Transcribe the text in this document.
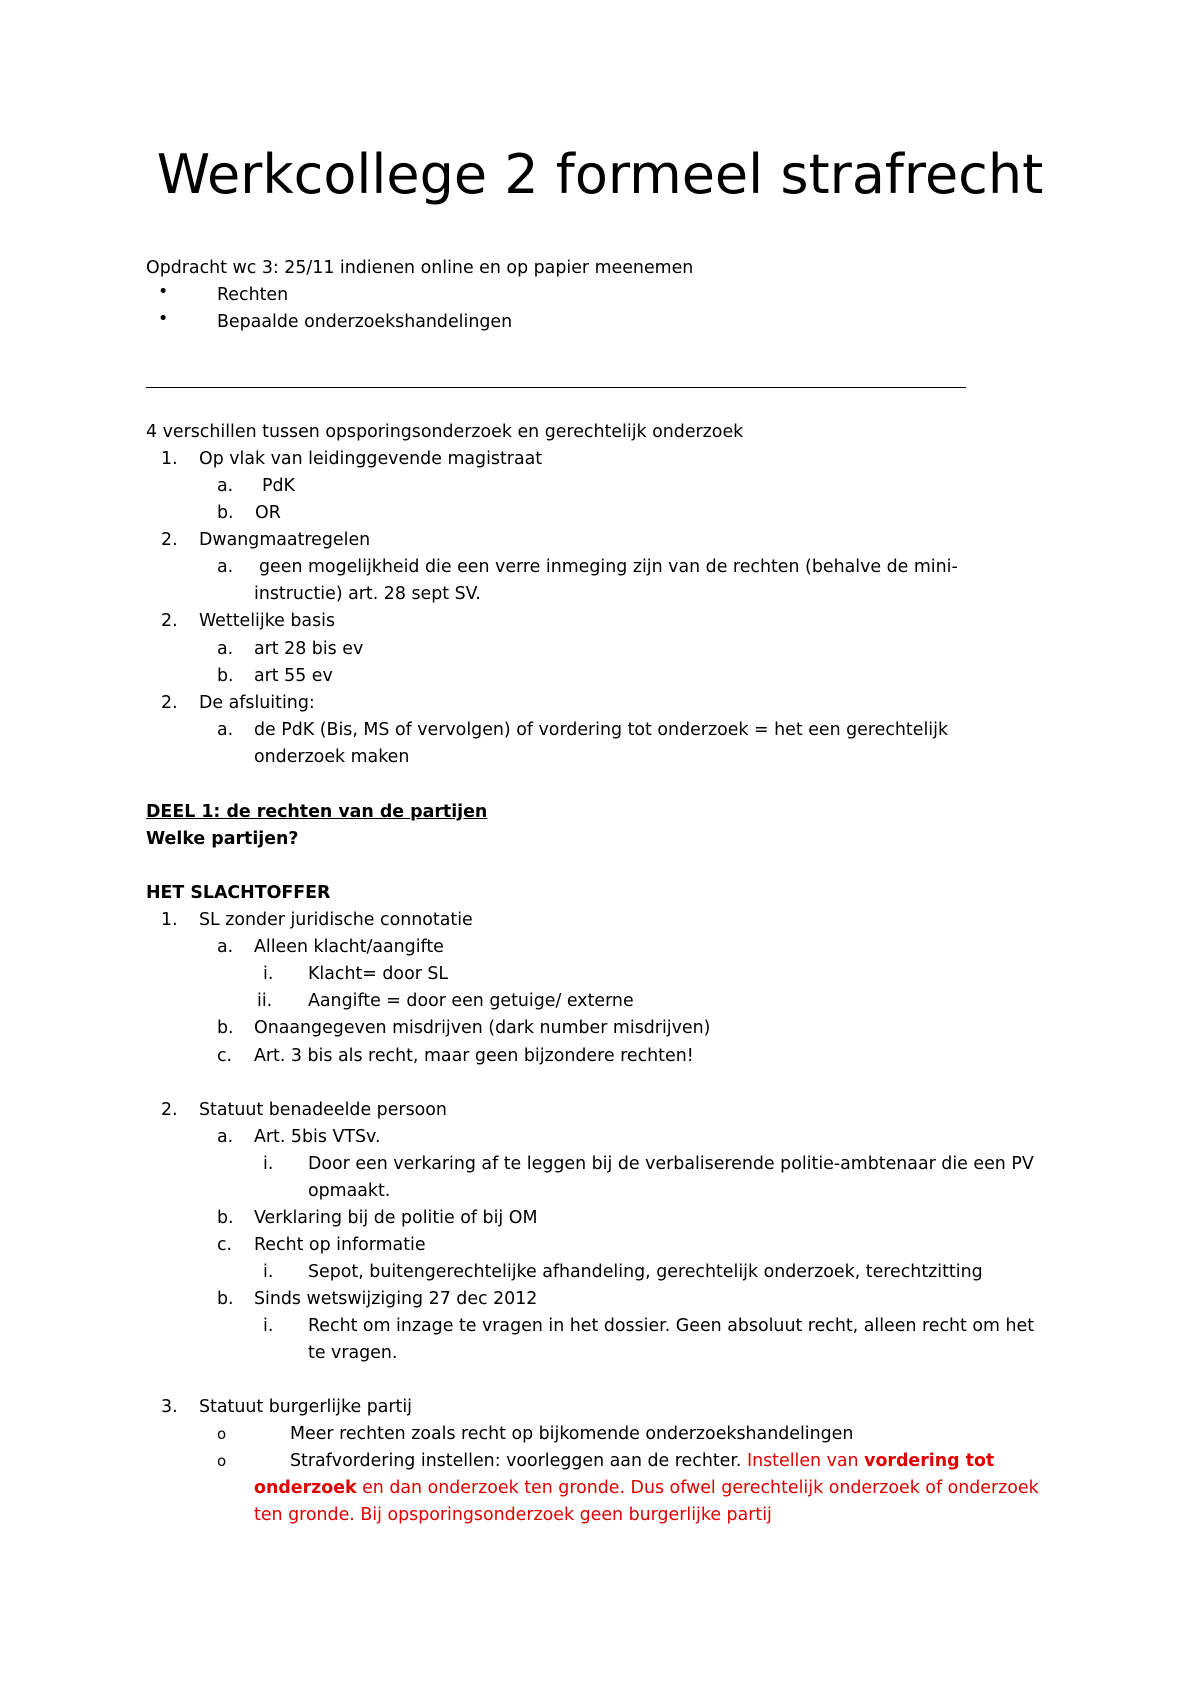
Werkcollege 2 formeel strafrecht
Opdracht wc 3: 25/11 indienen online en op papier meenemen
•	Rechten
•	Bepaalde onderzoekshandelingen
4 verschillen tussen opsporingsonderzoek en gerechtelijk onderzoek
1. Op vlak van leidinggevende magistraat
a. PdK
b. OR
2. Dwangmaatregelen
a. geen mogelijkheid die een verre inmeging zijn van de rechten (behalve de mini-
instructie) art. 28 sept SV.
2. Wettelijke basis
a. art 28 bis ev
b. art 55 ev
2. De afsluiting:
a. de PdK (Bis, MS of vervolgen) of vordering tot onderzoek = het een gerechtelijk
onderzoek maken
DEEL 1: de rechten van de partijen
Welke partijen?
HET SLACHTOFFER
1. SL zonder juridische connotatie
a. Alleen klacht/aangifte
i. Klacht= door SL
ii. Aangifte = door een getuige/ externe
b. Onaangegeven misdrijven (dark number misdrijven)
c. Art. 3 bis als recht, maar geen bijzondere rechten!
2. Statuut benadeelde persoon
a. Art. 5bis VTSv.
i. Door een verkaring af te leggen bij de verbaliserende politie-ambtenaar die een PV
opmaakt.
b. Verklaring bij de politie of bij OM
c. Recht op informatie
i. Sepot, buitengerechtelijke afhandeling, gerechtelijk onderzoek, terechtzitting
b. Sinds wetswijziging 27 dec 2012
i. Recht om inzage te vragen in het dossier. Geen absoluut recht, alleen recht om het
te vragen.
3. Statuut burgerlijke partij
o	Meer rechten zoals recht op bijkomende onderzoekshandelingen
o	Strafvordering instellen: voorleggen aan de rechter. Instellen van vordering tot
onderzoek en dan onderzoek ten gronde. Dus ofwel gerechtelijk onderzoek of onderzoek
ten gronde. Bij opsporingsonderzoek geen burgerlijke partij
